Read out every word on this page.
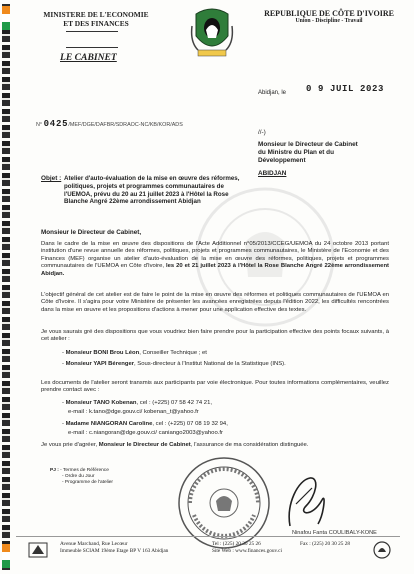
MINISTERE DE L'ECONOMIE
ET DES FINANCES
LE CABINET
REPUBLIQUE DE CÔTE D'IVOIRE
Union - Discipline - Travail
Abidjan, le 0 9 JUIL 2023
N° 0425/MEF/DGE/DAFBR/SDRAOC-NC/KB/KOR/ADS
//-)
Monsieur le Directeur de Cabinet
du Ministre du Plan et du
Développement
ABIDJAN
Objet : Atelier d'auto-évaluation de la mise en œuvre des réformes, politiques, projets et programmes communautaires de l'UEMOA, prévu du 20 au 21 juillet 2023 à l'Hôtel la Rose Blanche Angré 22ème arrondissement Abidjan
Monsieur le Directeur de Cabinet,
Dans le cadre de la mise en œuvre des dispositions de l'Acte Additionnel n°05/2013/CCEG/UEMOA du 24 octobre 2013 portant institution d'une revue annuelle des réformes, politiques, projets et programmes communautaires, le Ministère de l'Economie et des Finances (MEF) organise un atelier d'auto-évaluation de la mise en œuvre des réformes, politiques, projets et programmes communautaires de l'UEMOA en Côte d'Ivoire, les 20 et 21 juillet 2023 à l'Hôtel la Rose Blanche Angré 22ème arrondissement Abidjan.
L'objectif général de cet atelier est de faire le point de la mise en œuvre des réformes et politiques communautaires de l'UEMOA en Côte d'Ivoire. Il s'agira pour votre Ministère de présenter les avancées enregistrées depuis l'édition 2022, les difficultés rencontrées dans la mise en œuvre et les propositions d'actions à mener pour une application effective des textes.
Je vous saurais gré des dispositions que vous voudriez bien faire prendre pour la participation effective des points focaux suivants, à cet atelier :
- Monsieur BONI Brou Léon, Conseiller Technique ; et
- Monsieur YAPI Bérenger, Sous-directeur à l'Institut National de la Statistique (INS).
Les documents de l'atelier seront transmis aux participants par voie électronique. Pour toutes informations complémentaires, veuillez prendre contact avec :
- Monsieur TANO Kobenan, cel : (+225) 07 58 42 74 21,
e-mail : k.tano@dge.gouv.ci/ kobenan_t@yahoo.fr
- Madame NIANGORAN Caroline, cel : (+225) 07 08 19 32 94,
e-mail : c.niangoran@dge.gouv.ci/ caniango2003@yahoo.fr
Je vous prie d'agréer, Monsieur le Directeur de Cabinet, l'assurance de ma considération distinguée.
PJ : - Termes de Référence
- Ordre du Jour
- Programme de l'atelier
Ninafou Fanta COULIBALY-KONE
Avenue Marchand, Rue Lecœur
Immeuble SCIAM 19ème Etage BP V 163 Abidjan
Tel : (225) 20 30 25 26
Site Web : www.finances.gouv.ci
Fax : (225) 20 30 25 28
